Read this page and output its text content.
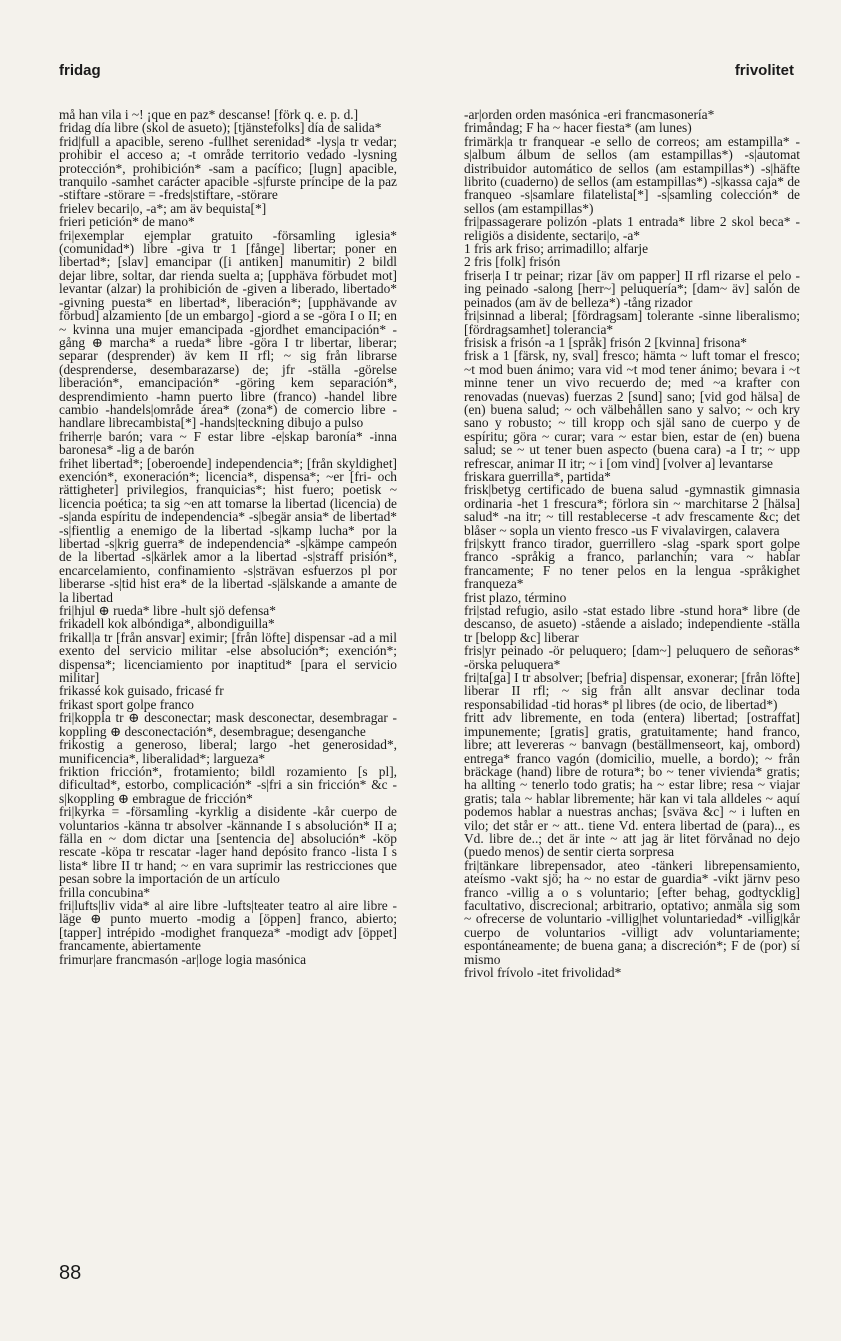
fridag	frivolitet

må han vila i ~! ¡que en paz* descanse! [förk q. e. p. d.]

fridag día libre (skol de asueto); [tjänstefolks] día de salida*

frid|full a apacible, sereno -fullhet serenidad* -lys|a tr vedar; prohibir el acceso a; -t område territorio vedado -lysning protección*, prohibición* -sam a pacífico; [lugn] apacible, tranquilo -samhet carácter apacible -s|furste príncipe de la paz -stiftare -störare = -freds|stiftare, -störare

frielev becari|o, -a*; am äv bequista[*]

frieri petición* de mano*

fri|exemplar ejemplar gratuito -församling iglesia* (comunidad*) libre -giva tr 1 [fånge] libertar; poner en libertad*; [slav] emancipar ([i antiken] manumitir) 2 bildl dejar libre, soltar, dar rienda suelta a; [upphäva förbudet mot] levantar (alzar) la prohibición de -given a liberado, libertado* -givning puesta* en libertad*, liberación*; [upphävande av förbud] alzamiento [de un embargo] -giord a se -göra I o II; en ~ kvinna una mujer emancipada -gjordhet emancipación* -gång ⊕ marcha* a rueda* libre -göra I tr libertar, liberar; separar (desprender) äv kem II rfl; ~ sig från librarse (desprenderse, desembarazarse) de; jfr -ställa -görelse liberación*, emancipación* -göring kem separación*, desprendimiento -hamn puerto libre (franco) -handel libre cambio -handels|område área* (zona*) de comercio libre -handlare librecambista[*] -hands|teckning dibujo a pulso

friherr|e barón; vara ~ F estar libre -e|skap baronía* -inna baronesa* -lig a de barón

frihet libertad*; [oberoende] independencia*; [från skyldighet] exención*, exoneración*; licencia*, dispensa*; ~er [fri- och rättigheter] privilegios, franquicias*; hist fuero; poetisk ~ licencia poética; ta sig ~en att tomarse la libertad (licencia) de -s|anda espíritu de independencia* -s|begär ansia* de libertad* -s|fientlig a enemigo de la libertad -s|kamp lucha* por la libertad -s|krig guerra* de independencia* -s|kämpe campeón de la libertad -s|kärlek amor a la libertad -s|straff prisión*, encarcelamiento, confinamiento -s|strävan esfuerzos pl por liberarse -s|tid hist era* de la libertad -s|älskande a amante de la libertad

fri|hjul ⊕ rueda* libre -hult sjö defensa*

frikadell kok albóndiga*, albondiguilla*

frikall|a tr [från ansvar] eximir; [från löfte] dispensar -ad a mil exento del servicio militar -else absolución*; exención*; dispensa*; licenciamiento por inaptitud* [para el servicio militar]

frikassé kok guisado, fricasé fr

frikast sport golpe franco

fri|koppla tr ⊕ desconectar; mask desconectar, desembragar -koppling ⊕ desconectación*, desembrague; desenganche

frikostig a generoso, liberal; largo -het generosidad*, munificencia*, liberalidad*; largueza*

friktion fricción*, frotamiento; bildl rozamiento [s pl], dificultad*, estorbo, complicación* -s|fri a sin fricción* &c -s|koppling ⊕ embrague de fricción*

fri|kyrka = -församling -kyrklig a disidente -kår cuerpo de voluntarios -känna tr absolver -kännande I s absolución* II a; fälla en ~ dom dictar una [sentencia de] absolución* -köp rescate -köpa tr rescatar -lager hand depósito franco -lista I s lista* libre II tr hand; ~ en vara suprimir las restricciones que pesan sobre la importación de un artículo

frilla concubina*

fri|lufts|liv vida* al aire libre -lufts|teater teatro al aire libre -läge ⊕ punto muerto -modig a [öppen] franco, abierto; [tapper] intrépido -modighet franqueza* -modigt adv [öppet] francamente, abiertamente

frimur|are francmasón -ar|loge logia masónica

-ar|orden orden masónica -eri francmasonería*

frimåndag; F ha ~ hacer fiesta* (am lunes)

frimärk|a tr franquear -e sello de correos; am estampilla* -s|album álbum de sellos (am estampillas*) -s|automat distribuidor automático de sellos (am estampillas*) -s|häfte librito (cuaderno) de sellos (am estampillas*) -s|kassa caja* de franqueo -s|samlare filatelista[*] -s|samling colección* de sellos (am estampillas*)

fri|passagerare polizón -plats 1 entrada* libre 2 skol beca* -religiös a disidente, sectari|o, -a*

1 fris ark friso; arrimadillo; alfarje

2 fris [folk] frisón

friser|a I tr peinar; rizar [äv om papper] II rfl rizarse el pelo -ing peinado -salong [herr~] peluquería*; [dam~ äv] salón de peinados (am äv de belleza*) -tång rizador

fri|sinnad a liberal; [fördragsam] tolerante -sinne liberalismo; [fördragsamhet] tolerancia*

frisisk a frisón -a 1 [språk] frisón 2 [kvinna] frisona*

frisk a 1 [färsk, ny, sval] fresco; hämta ~ luft tomar el fresco; ~t mod buen ánimo; vara vid ~t mod tener ánimo; bevara i ~t minne tener un vivo recuerdo de; med ~a krafter con renovadas (nuevas) fuerzas 2 [sund] sano; [vid god hälsa] de (en) buena salud; ~ och välbehållen sano y salvo; ~ och kry sano y robusto; ~ till kropp och själ sano de cuerpo y de espíritu; göra ~ curar; vara ~ estar bien, estar de (en) buena salud; se ~ ut tener buen aspecto (buena cara) -a I tr; ~ upp refrescar, animar II itr; ~ i [om vind] [volver a] levantarse

friskara guerrilla*, partida*

frisk|betyg certificado de buena salud -gymnastik gimnasia ordinaria -het 1 frescura*; förlora sin ~ marchitarse 2 [hälsa] salud* -na itr; ~ till restablecerse -t adv frescamente &c; det blåser ~ sopla un viento fresco -us F vivalavirgen, calavera

fri|skytt franco tirador, guerrillero -slag -spark sport golpe franco -språkig a franco, parlanchín; vara ~ hablar francamente; F no tener pelos en la lengua -språkighet franqueza*

frist plazo, término

fri|stad refugio, asilo -stat estado libre -stund hora* libre (de descanso, de asueto) -stående a aislado; independiente -ställa tr [belopp &c] liberar

fris|yr peinado -ör peluquero; [dam~] peluquero de señoras* -örska peluquera*

fri|ta[ga] I tr absolver; [befria] dispensar, exonerar; [från löfte] liberar II rfl; ~ sig från allt ansvar declinar toda responsabilidad -tid horas* pl libres (de ocio, de libertad*)

fritt adv libremente, en toda (entera) libertad; [ostraffat] impunemente; [gratis] gratis, gratuitamente; hand franco, libre; att levereras ~ banvagn (beställmenseort, kaj, ombord) entrega* franco vagón (domicilio, muelle, a bordo); ~ från bräckage (hand) libre de rotura*; bo ~ tener vivienda* gratis; ha allting ~ tenerlo todo gratis; ha ~ estar libre; resa ~ viajar gratis; tala ~ hablar libremente; här kan vi tala alldeles ~ aquí podemos hablar a nuestras anchas; [sväva &c] ~ i luften en vilo; det står er ~ att.. tiene Vd. entera libertad de (para).., es Vd. libre de..; det är inte ~ att jag är litet förvånad no dejo (puedo menos) de sentir cierta sorpresa

fri|tänkare librepensador, ateo -tänkeri librepensamiento, ateísmo -vakt sjö; ha ~ no estar de guardia* -vikt järnv peso franco -villig a o s voluntario; [efter behag, godtycklig] facultativo, discrecional; arbitrario, optativo; anmäla sig som ~ ofrecerse de voluntario -villig|het voluntariedad* -villig|kår cuerpo de voluntarios -villigt adv voluntariamente; espontáneamente; de buena gana; a discreción*; F de (por) sí mismo

frivol frívolo -itet frivolidad*

88
